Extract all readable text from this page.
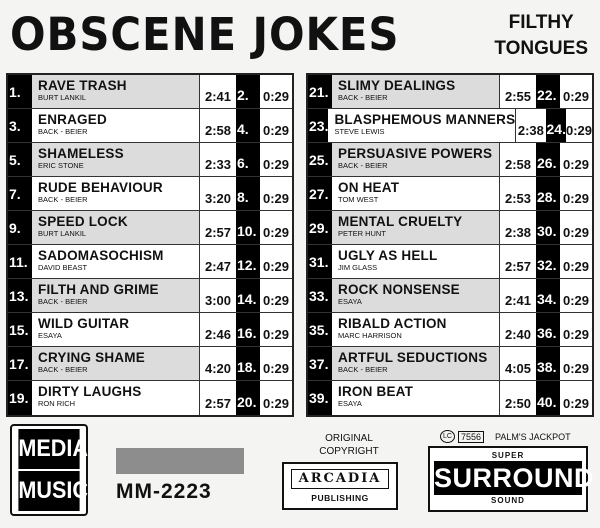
OBSCENE JOKES	FILTHY
TONGUES
1.	RAVE TRASH
BURT LANKIL	2:41 2.	0:29
3.	ENRAGED
BACK - BEIER	2:58 4.	0:29
5.	SHAMELESS
ERIC STONE	2:33 6.	0:29
7.	RUDE BEHAVIOUR
BACK - BEIER	3:20 8.	0:29
9.	SPEED LOCK
BURT LANKIL	2:57 10. 0:29
11. SADOMASOCHISM
DAVID BEAST	2:47 12. 0:29
13. FILTH AND GRIME
BACK - BEIER	3:00 14. 0:29
15. WILD GUITAR
ESAYA	2:46 16. 0:29
17. CRYING SHAME
BACK - BEIER	4:20 18. 0:29
19. DIRTY LAUGHS
RON RICH	2:57 20. 0:29
21. SLIMY DEALINGS
BACK - BEIER	2:55 22. 0:29
23. BLASPHEMOUS MANNERS
STEVE LEWIS	2:38 24. 0:29
25. PERSUASIVE POWERS
BACK - BEIER	2:58 26. 0:29
27. ON HEAT
TOM WEST	2:53 28. 0:29
29. MENTAL CRUELTY
PETER HUNT	2:38 30. 0:29
31. UGLY AS HELL
JIM GLASS	2:57 32. 0:29
33. ROCK NONSENSE
ESAYA	2:41 34. 0:29
35. RIBALD ACTION
MARC HARRISON	2:40 36. 0:29
37. ARTFUL SEDUCTIONS
BACK - BEIER	4:05 38. 0:29
39. IRON BEAT
ESAYA	2:50 40. 0:29
MEDIA
MUSIC MM-2223
ORIGINAL
COPYRIGHT
ARCADIA
PUBLISHING
LC	7556	PALM'S JACKPOT
SUPER
SURROUND
SOUND
